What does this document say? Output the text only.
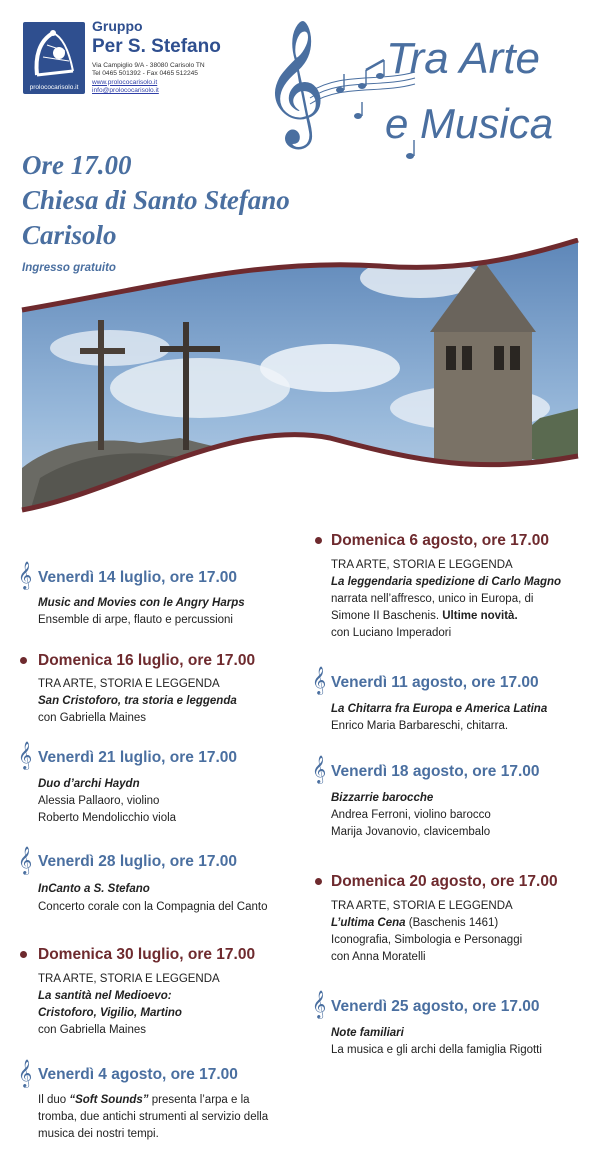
prolococarisolo.it
Gruppo
Per S. Stefano
Via Campiglio 9/A - 38080 Carisolo TN
Tel 0465 501392 - Fax 0465 512245
www.prolococarisolo.it
info@prolococarisolo.it 𝄞 Tra Arte
e Musica
Ore 17.00
Chiesa di Santo Stefano
Carisolo
Ingresso gratuito
𝄞 Venerdì 14 luglio, ore 17.00
Music and Movies con le Angry Harps
Ensemble di arpe, flauto e percussioni
Domenica 16 luglio, ore 17.00
TRA ARTE, STORIA E LEGGENDA
San Cristoforo, tra storia e leggenda
con Gabriella Maines
𝄞 Venerdì 21 luglio, ore 17.00
Duo d’archi Haydn
Alessia Pallaoro, violino
Roberto Mendolicchio viola
𝄞 Venerdì 28 luglio, ore 17.00
InCanto a S. Stefano
Concerto corale con la Compagnia del Canto
Domenica 30 luglio, ore 17.00
TRA ARTE, STORIA E LEGGENDA
La santità nel Medioevo:
Cristoforo, Vigilio, Martino
con Gabriella Maines
𝄞 Venerdì 4 agosto, ore 17.00
Il duo “Soft Sounds” presenta l’arpa e la
tromba, due antichi strumenti al servizio della
musica dei nostri tempi.
Domenica 6 agosto, ore 17.00
TRA ARTE, STORIA E LEGGENDA
La leggendaria spedizione di Carlo Magno
narrata nell’affresco, unico in Europa, di
Simone II Baschenis. Ultime novità.
con Luciano Imperadori
𝄞 Venerdì 11 agosto, ore 17.00
La Chitarra fra Europa e America Latina
Enrico Maria Barbareschi, chitarra.
𝄞 Venerdì 18 agosto, ore 17.00
Bizzarrie barocche
Andrea Ferroni, violino barocco
Marija Jovanovio, clavicembalo
Domenica 20 agosto, ore 17.00
TRA ARTE, STORIA E LEGGENDA
L’ultima Cena (Baschenis 1461)
Iconografia, Simbologia e Personaggi
con Anna Moratelli
𝄞 Venerdì 25 agosto, ore 17.00
Note familiari
La musica e gli archi della famiglia Rigotti
